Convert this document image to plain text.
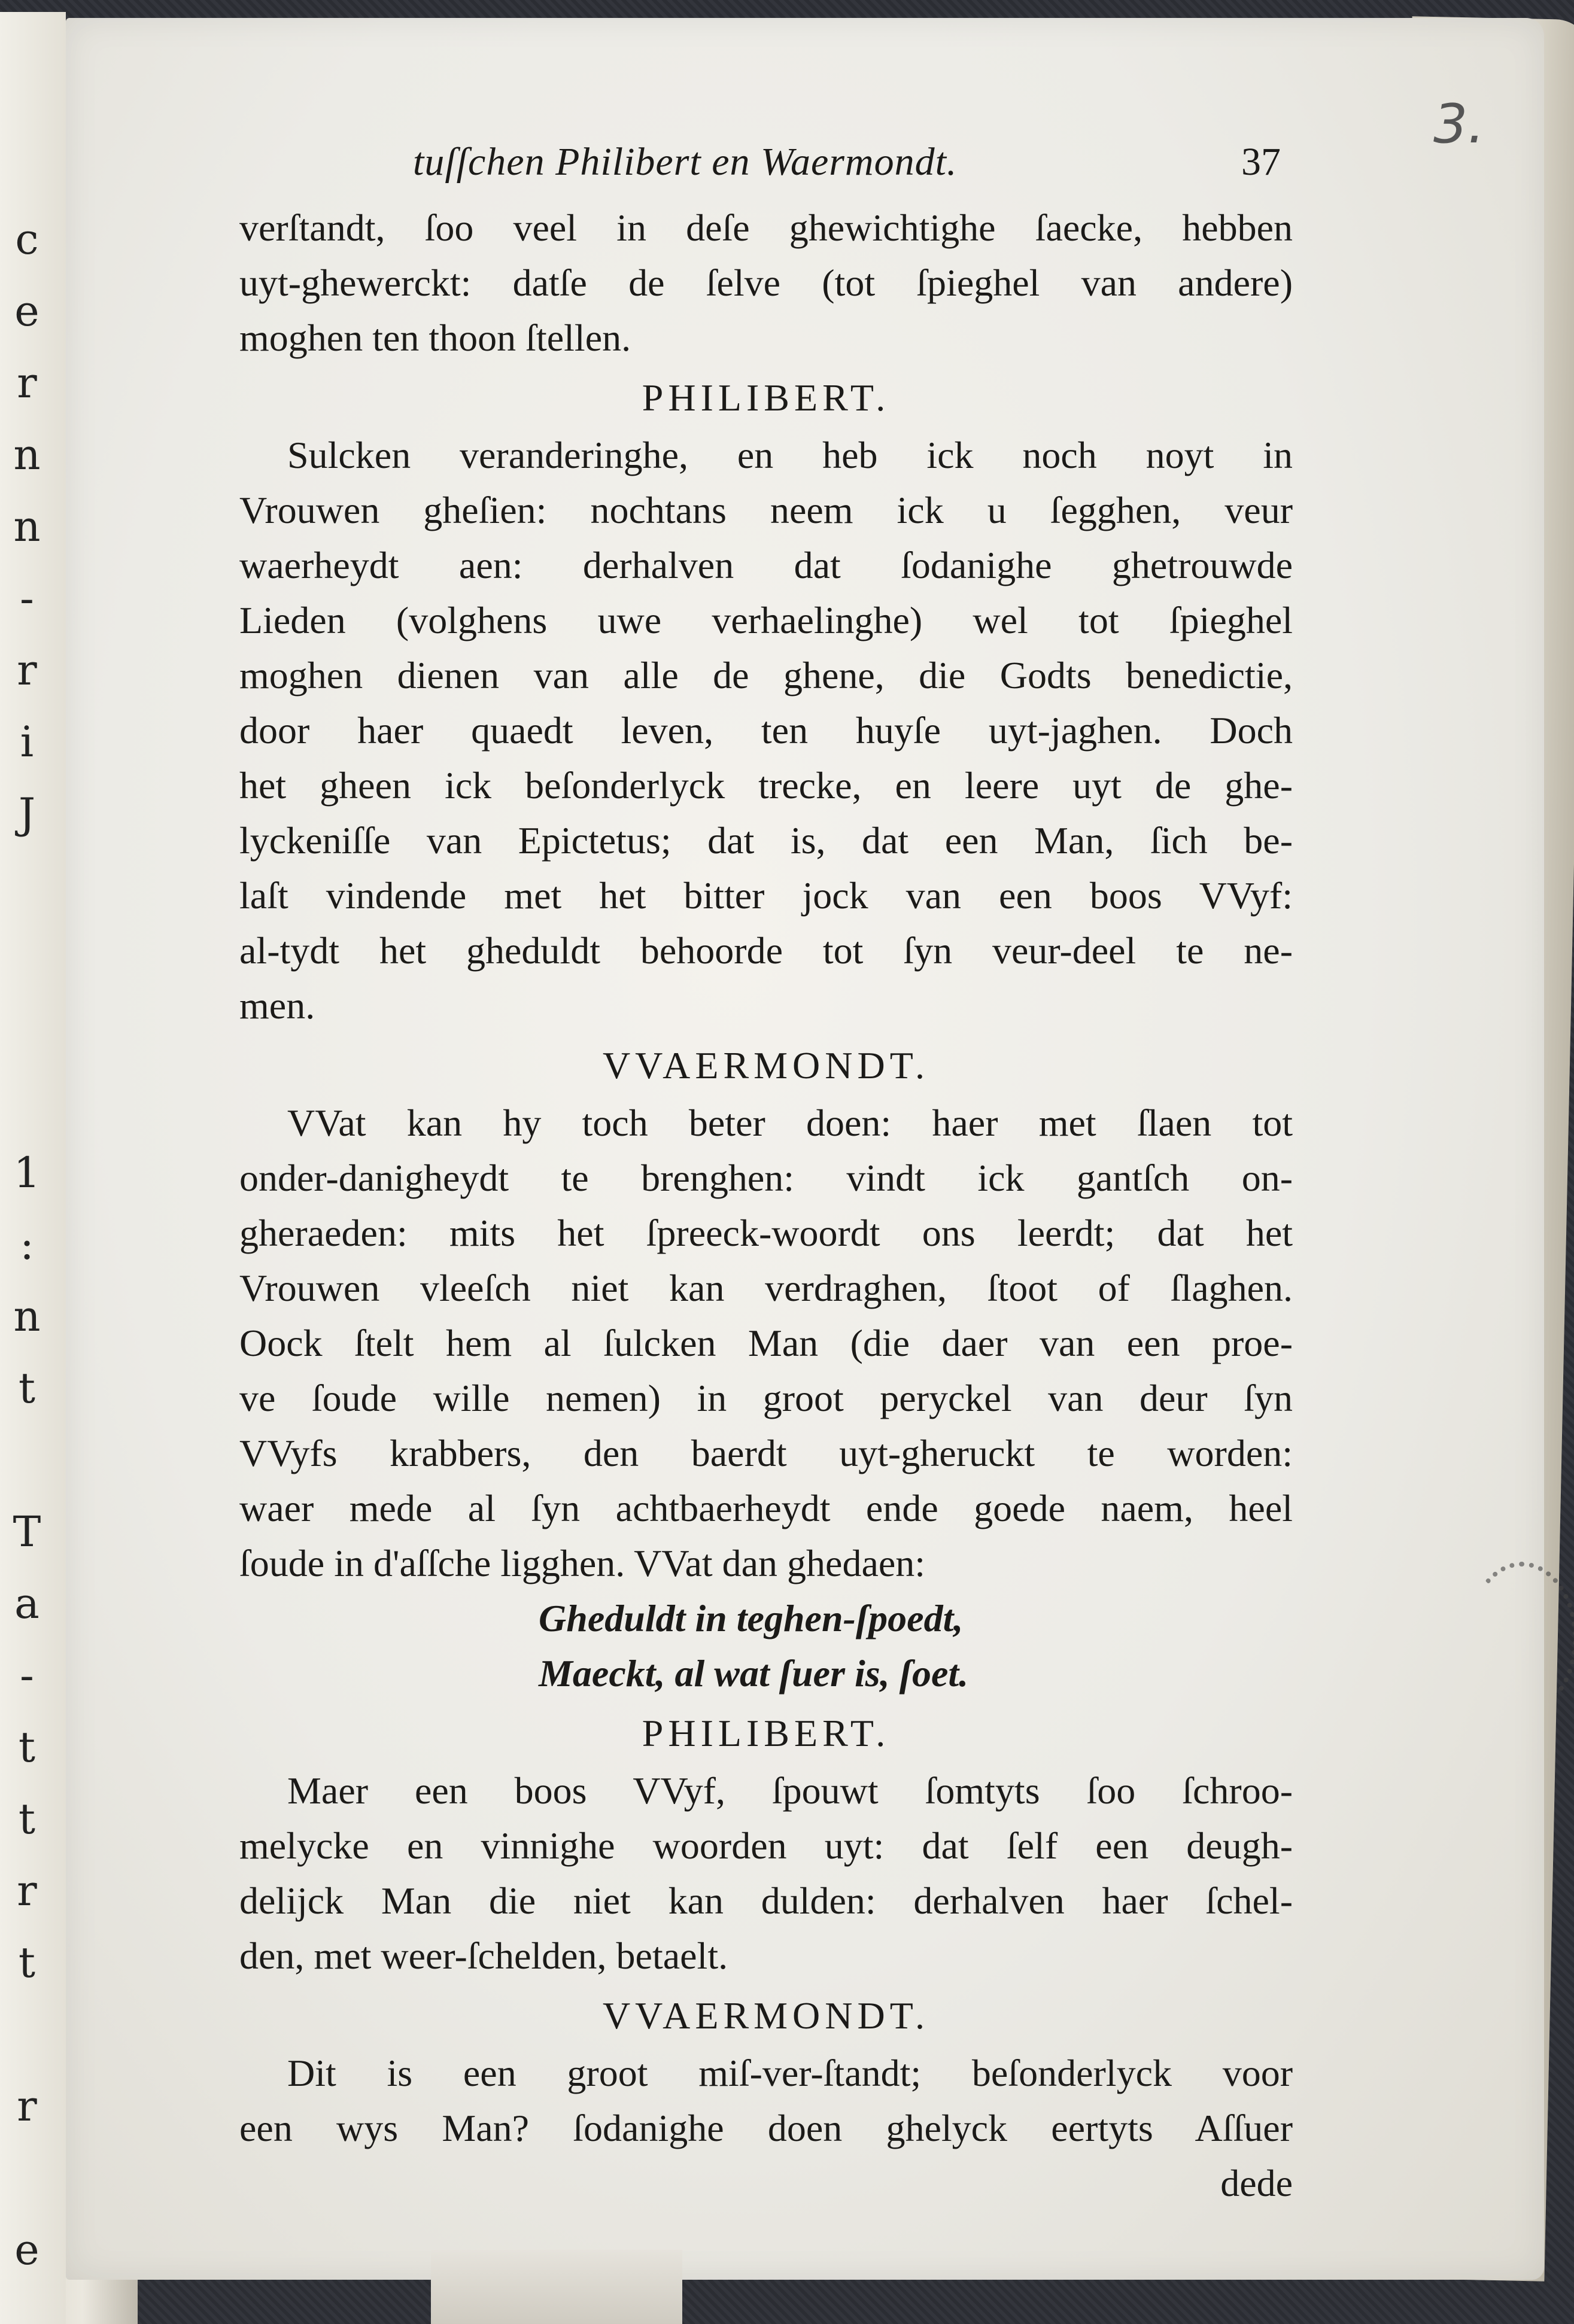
c
e
r
n
n
-
r
i
J

1
:
n
t

T
a
-
t
t
r
t

r

e
3.
tuſſchen Philibert en Waermondt.	37
verſtandt, ſoo veel in deſe ghewichtighe ſaecke, hebben
uyt-ghewerckt: datſe de ſelve (tot ſpieghel van andere)
moghen ten thoon ſtellen.
PHILIBERT.
Sulcken veranderinghe, en heb ick noch noyt in
Vrouwen gheſien: nochtans neem ick u ſegghen, veur
waerheydt aen: derhalven dat ſodanighe ghetrouwde
Lieden (volghens uwe verhaelinghe) wel tot ſpieghel
moghen dienen van alle de ghene, die Godts benedictie,
door haer quaedt leven, ten huyſe uyt-jaghen. Doch
het gheen ick beſonderlyck trecke, en leere uyt de ghe-
lyckeniſſe van Epictetus; dat is, dat een Man, ſich be-
laſt vindende met het bitter jock van een boos VVyf:
al-tydt het gheduldt behoorde tot ſyn veur-deel te ne-
men.
VVAERMONDT.
VVat kan hy toch beter doen: haer met ſlaen tot
onder-danigheydt te brenghen: vindt ick gantſch on-
gheraeden: mits het ſpreeck-woordt ons leerdt; dat het
Vrouwen vleeſch niet kan verdraghen, ſtoot of ſlaghen.
Oock ſtelt hem al ſulcken Man (die daer van een proe-
ve ſoude wille nemen) in groot peryckel van deur ſyn
VVyfs krabbers, den baerdt uyt-gheruckt te worden:
waer mede al ſyn achtbaerheydt ende goede naem, heel
ſoude in d'aſſche ligghen. VVat dan ghedaen:
Gheduldt in teghen-ſpoedt,
Maeckt, al wat ſuer is, ſoet.
PHILIBERT.
Maer een boos VVyf, ſpouwt ſomtyts ſoo ſchroo-
melycke en vinnighe woorden uyt: dat ſelf een deugh-
delijck Man die niet kan dulden: derhalven haer ſchel-
den, met weer-ſchelden, betaelt.
VVAERMONDT.
Dit is een groot miſ-ver-ſtandt; beſonderlyck voor
een wys Man? ſodanighe doen ghelyck eertyts Aſſuer
dede
